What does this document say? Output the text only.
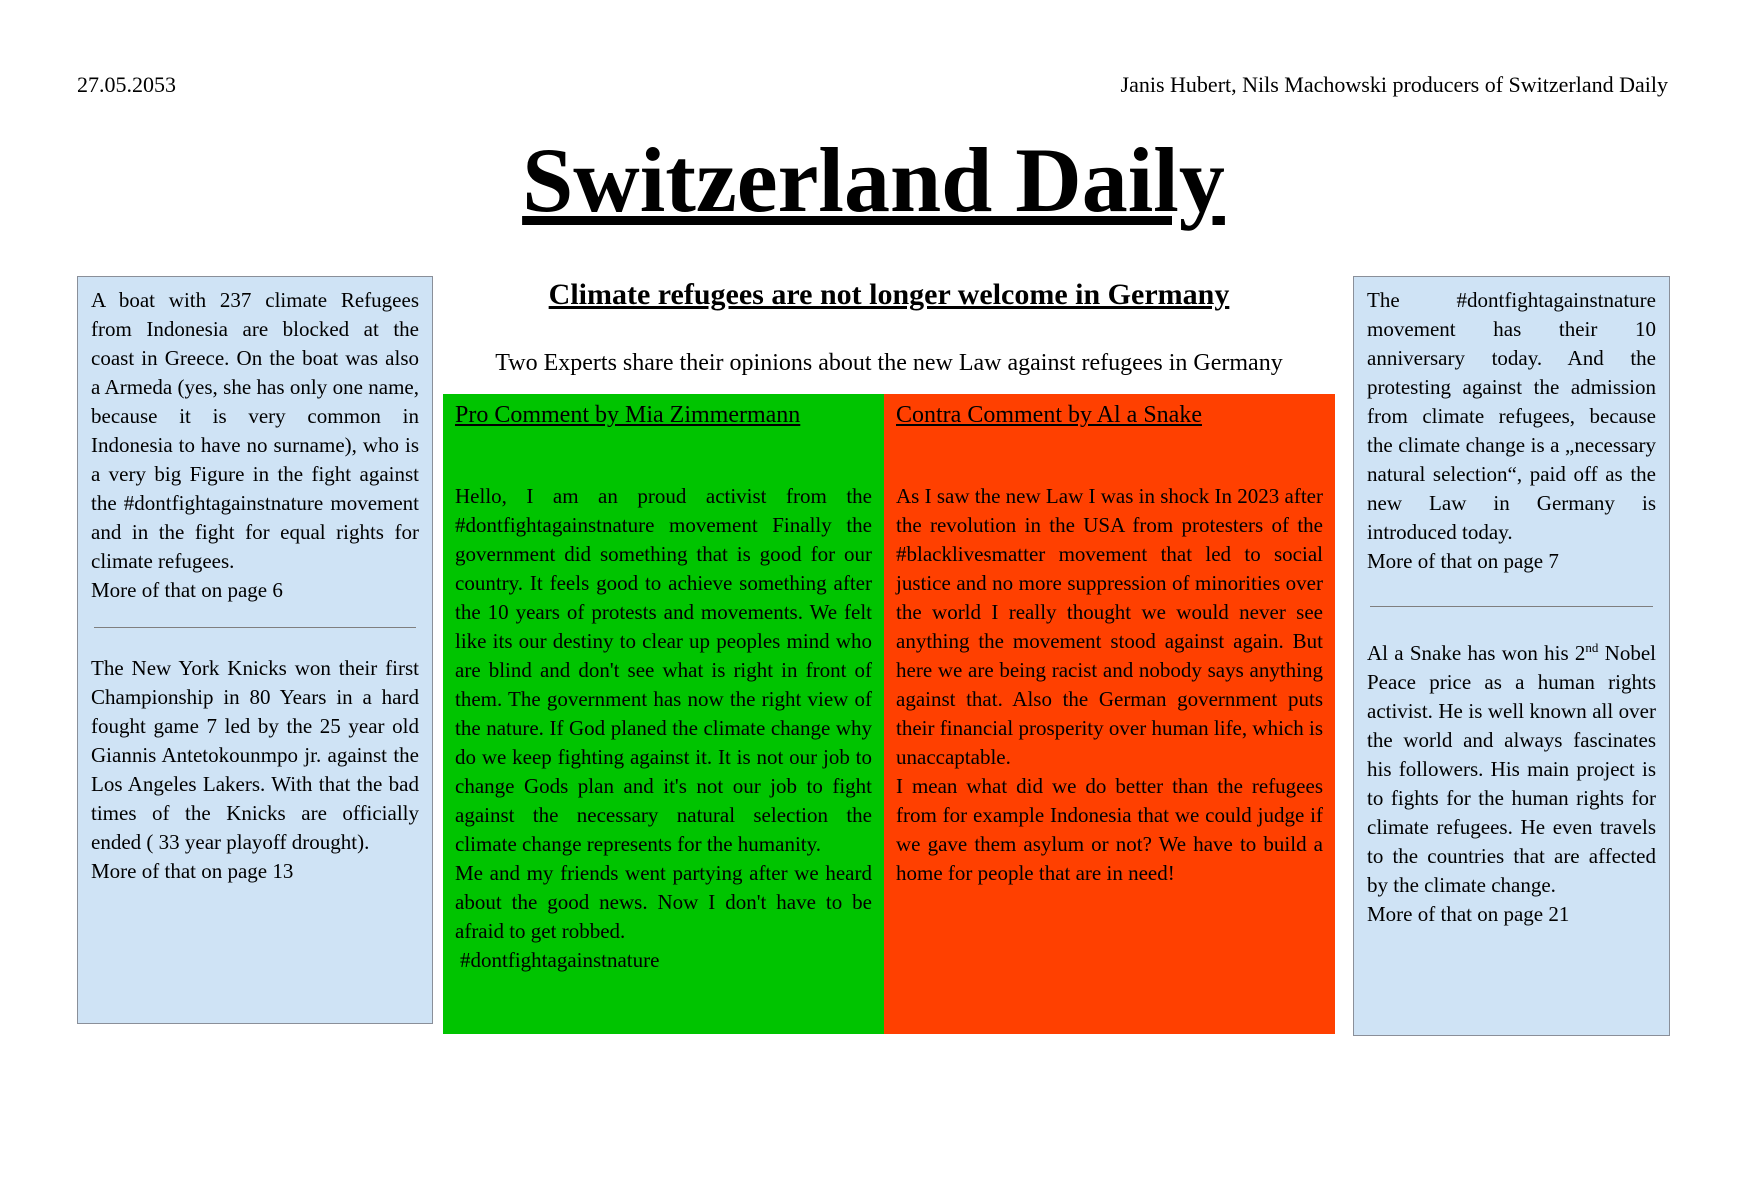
27.05.2053	Janis Hubert, Nils Machowski producers of Switzerland Daily
Switzerland Daily
Climate refugees are not longer welcome in Germany
Two Experts share their opinions about the new Law against refugees in Germany

A boat with 237 climate Refugees from Indonesia are blocked at the coast in Greece. On the boat was also a Armeda (yes, she has only one name, because it is very common in Indonesia to have no surname), who is a very big Figure in the fight against the #dontfightagainstnature movement and in the fight for equal rights for climate refugees.

More of that on page 6

The New York Knicks won their first Championship in 80 Years in a hard fought game 7 led by the 25 year old Giannis Antetokounmpo jr. against the Los Angeles Lakers. With that the bad times of the Knicks are officially ended ( 33 year playoff drought).

More of that on page 13

Pro Comment by Mia Zimmermann

Hello, I am an proud activist from the #dontfightagainstnature movement Finally the government did something that is good for our country. It feels good to achieve something after the 10 years of protests and movements. We felt like its our destiny to clear up peoples mind who are blind and don't see what is right in front of them. The government has now the right view of the nature. If God planed the climate change why do we keep fighting against it. It is not our job to change Gods plan and it's not our job to fight against the necessary natural selection the climate change represents for the humanity.

Me and my friends went partying after we heard about the good news. Now I don't have to be afraid to get robbed.

#dontfightagainstnature

Contra Comment by Al a Snake

As I saw the new Law I was in shock In 2023 after the revolution in the USA from protesters of the #blacklivesmatter movement that led to social justice and no more suppression of minorities over the world I really thought we would never see anything the movement stood against again. But here we are being racist and nobody says anything against that. Also the German government puts their financial prosperity over human life, which is unaccaptable.

I mean what did we do better than the refugees from for example Indonesia that we could judge if we gave them asylum or not? We have to build a home for people that are in need!

The #dontfightagainstnature movement has their 10 anniversary today. And the protesting against the admission from climate refugees, because the climate change is a „necessary natural selection“, paid off as the new Law in Germany is introduced today.

More of that on page 7

Al a Snake has won his 2nd Nobel Peace price as a human rights activist. He is well known all over the world and always fascinates his followers. His main project is to fights for the human rights for climate refugees. He even travels to the countries that are affected by the climate change.

More of that on page 21
